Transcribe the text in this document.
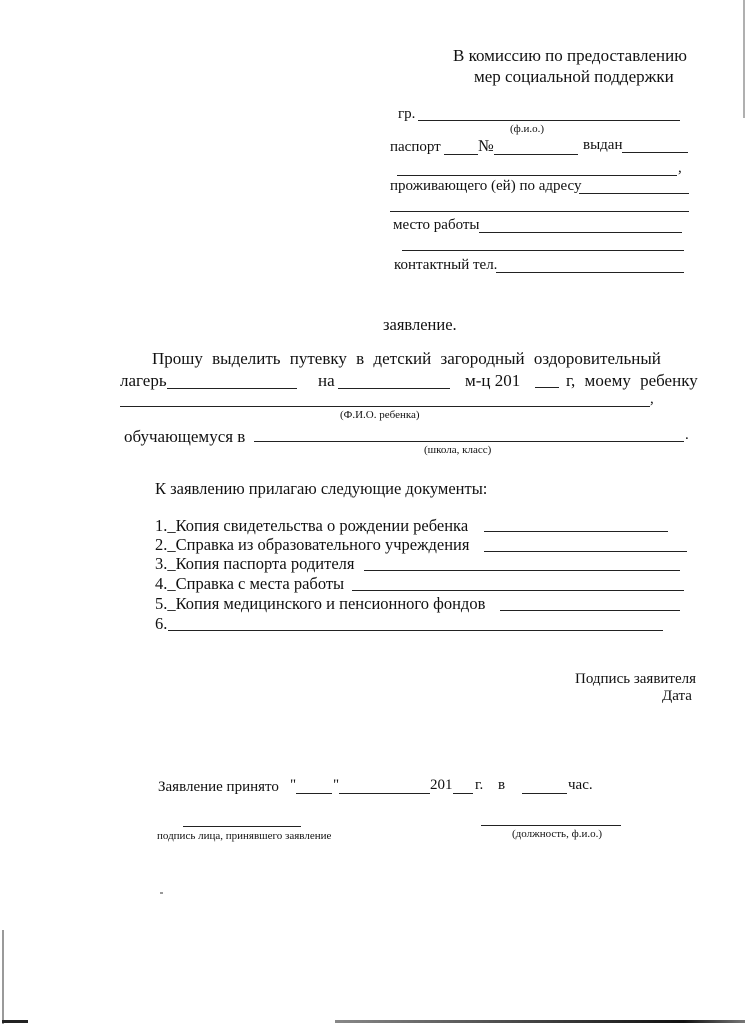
В комиссию по предоставлению
мер социальной поддержки
гр.
(ф.и.о.)
паспорт №	выдан
,
проживающего (ей) по адресу
место работы
контактный тел.
заявление.
Прошу выделить путевку в детский загородный оздоровительный
лагерь	на	м-ц 201	г, моему ребенку
,
(Ф.И.О. ребенка)
обучающемуся в	.
(школа, класс)
К заявлению прилагаю следующие документы:
1._Копия свидетельства о рождении ребенка
2._Справка из образовательного учреждения
3._Копия паспорта родителя
4._Справка с места работы
5._Копия медицинского и пенсионного фондов
6.
Подпись заявителя
Дата
Заявление принято " "	201 г. в	час.
подпись лица, принявшего заявление	(должность, ф.и.о.)
